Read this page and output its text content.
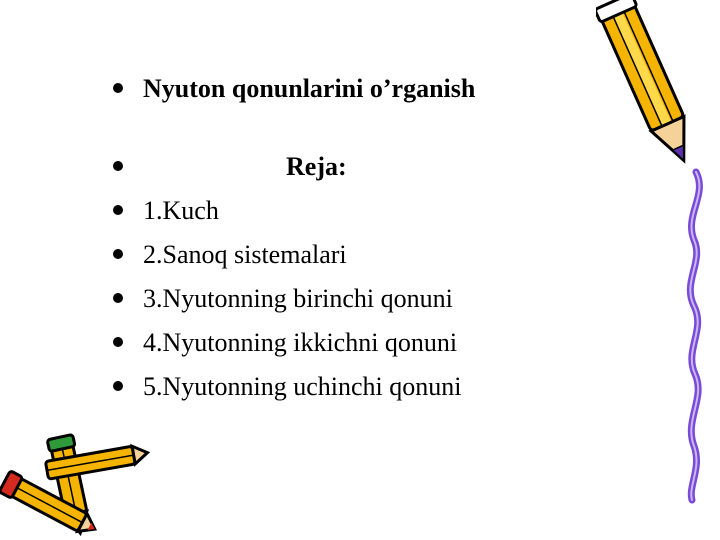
Nyuton qonunlarini o’rganish
Reja:
1.Kuch
2.Sanoq sistemalari
3.Nyutonning birinchi qonuni
4.Nyutonning ikkichni qonuni
5.Nyutonning uchinchi qonuni
